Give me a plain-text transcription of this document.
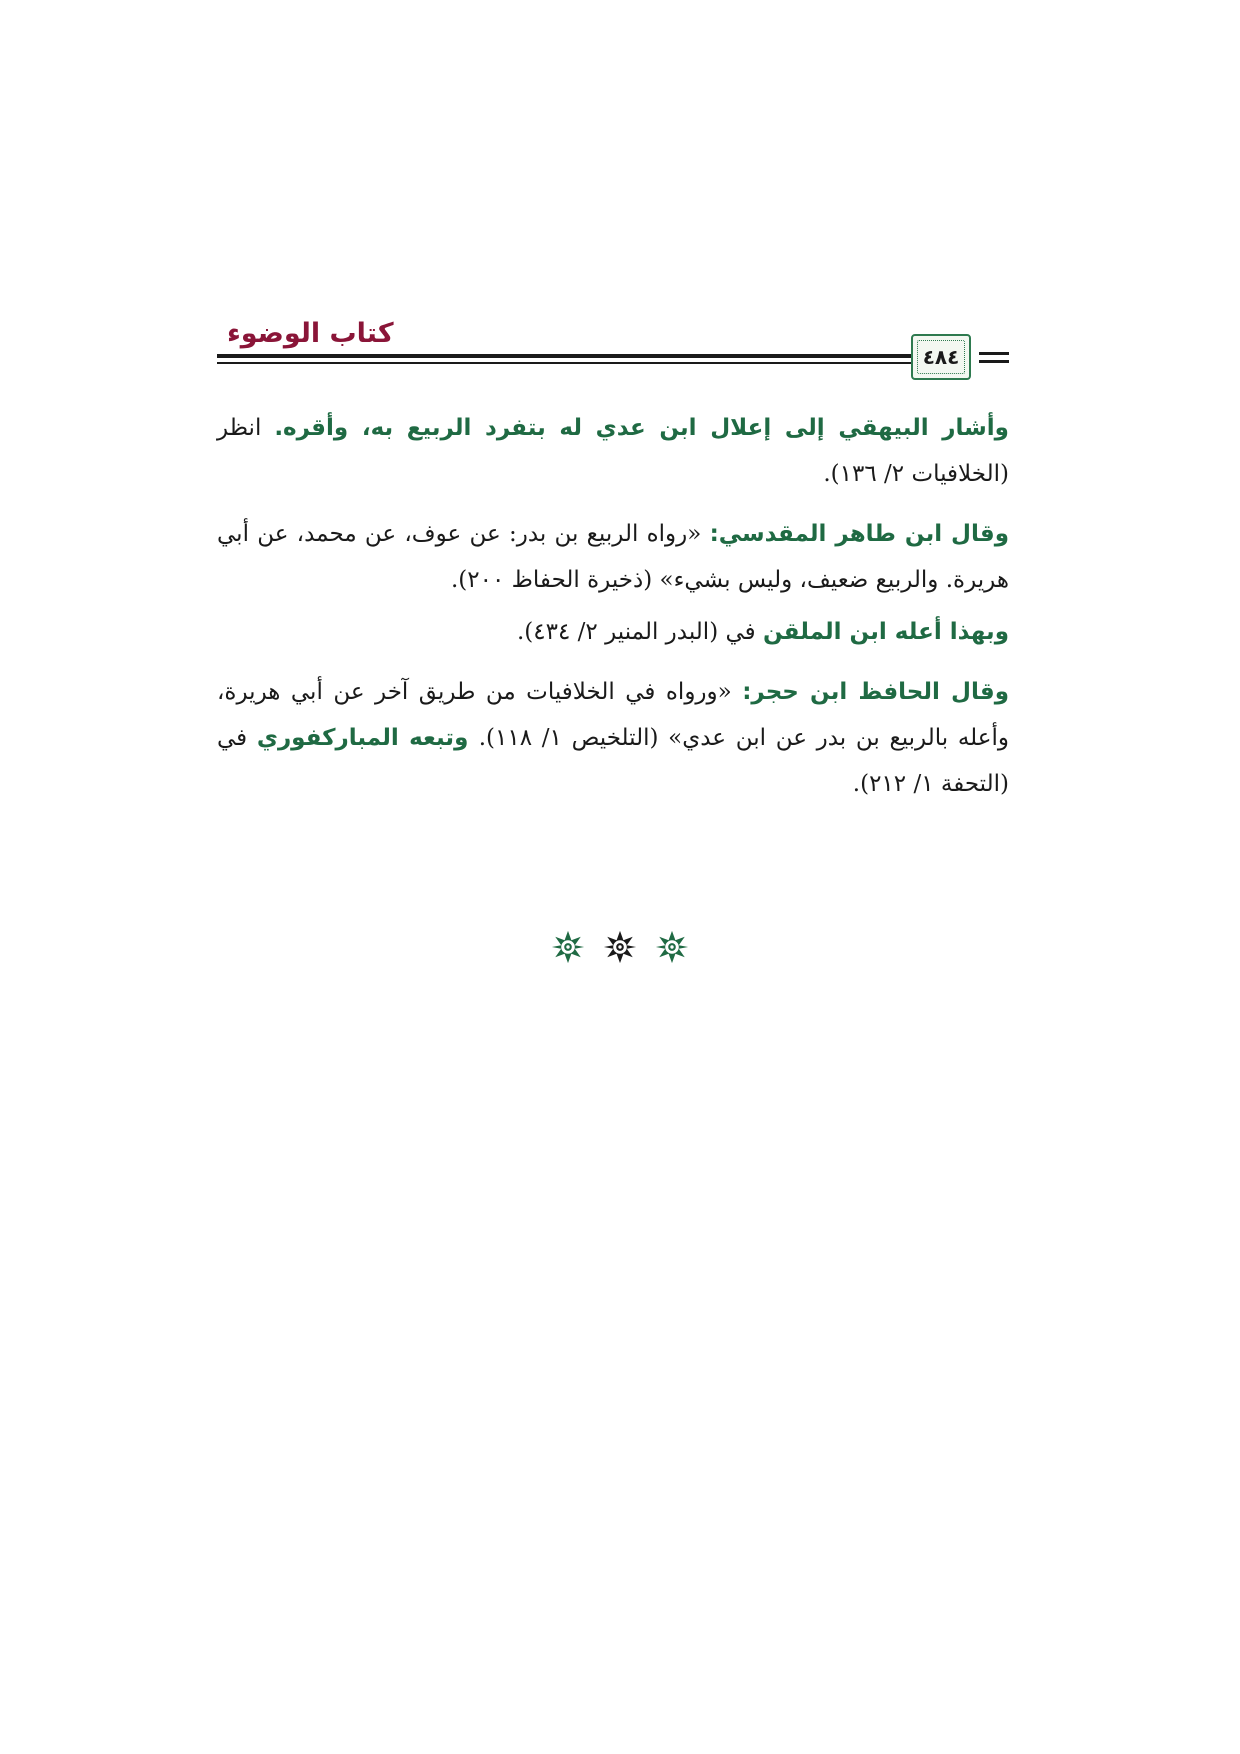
كتاب الوضوء
٤٨٤

وأشار البيهقي إلى إعلال ابن عدي له بتفرد الربيع به، وأقره. انظر (الخلافيات ٢/ ١٣٦).

وقال ابن طاهر المقدسي: «رواه الربيع بن بدر: عن عوف، عن محمد، عن أبي هريرة. والربيع ضعيف، وليس بشيء» (ذخيرة الحفاظ ٢٠٠).

وبهذا أعله ابن الملقن في (البدر المنير ٢/ ٤٣٤).

وقال الحافظ ابن حجر: «ورواه في الخلافيات من طريق آخر عن أبي هريرة، وأعله بالربيع بن بدر عن ابن عدي» (التلخيص ١/ ١١٨). وتبعه المباركفوري في (التحفة ١/ ٢١٢).
